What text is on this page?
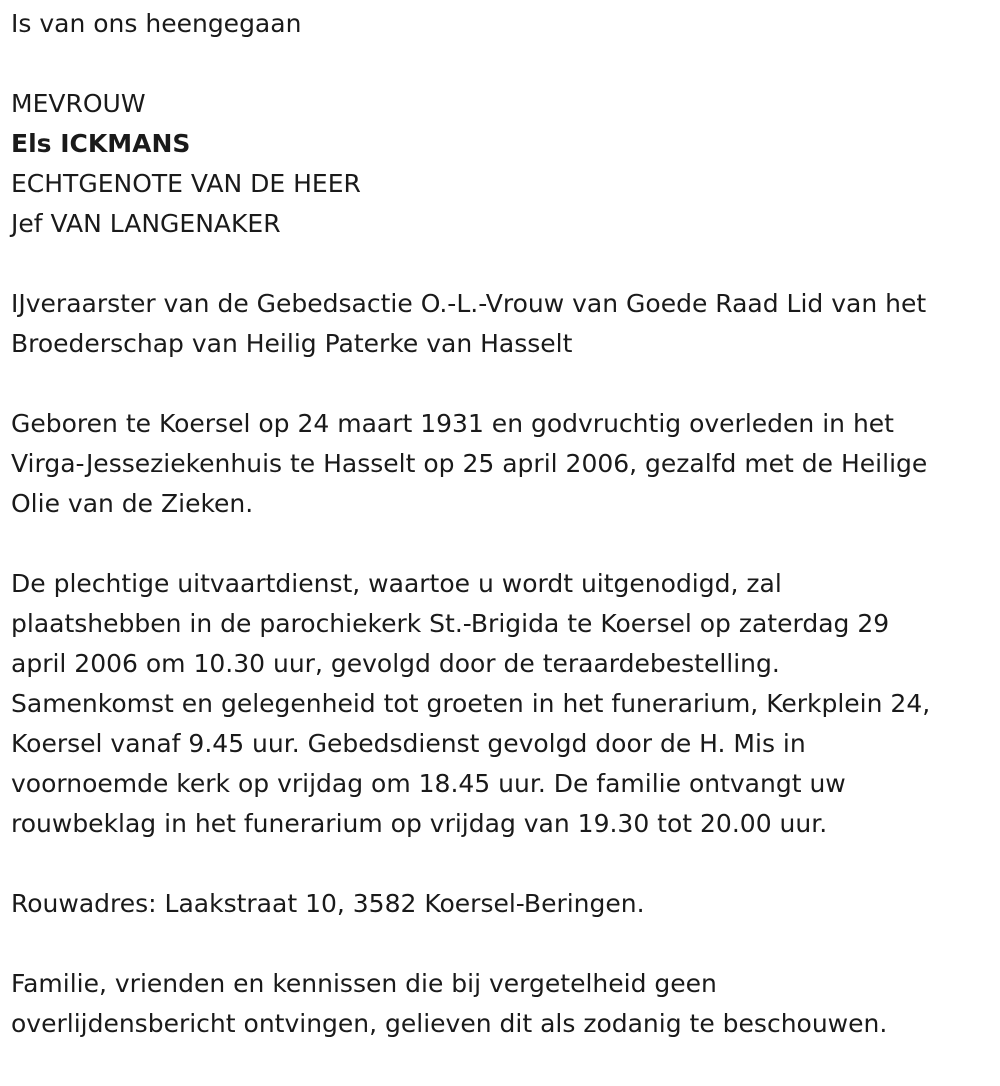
Is van ons heengegaan
MEVROUW
Els ICKMANS
ECHTGENOTE VAN DE HEER
Jef VAN LANGENAKER
IJveraarster van de Gebedsactie O.-L.-Vrouw van Goede Raad Lid van het
Broederschap van Heilig Paterke van Hasselt
Geboren te Koersel op 24 maart 1931 en godvruchtig overleden in het
Virga-Jesseziekenhuis te Hasselt op 25 april 2006, gezalfd met de Heilige
Olie van de Zieken.
De plechtige uitvaartdienst, waartoe u wordt uitgenodigd, zal
plaatshebben in de parochiekerk St.-Brigida te Koersel op zaterdag 29
april 2006 om 10.30 uur, gevolgd door de teraardebestelling.
Samenkomst en gelegenheid tot groeten in het funerarium, Kerkplein 24,
Koersel vanaf 9.45 uur. Gebedsdienst gevolgd door de H. Mis in
voornoemde kerk op vrijdag om 18.45 uur. De familie ontvangt uw
rouwbeklag in het funerarium op vrijdag van 19.30 tot 20.00 uur.
Rouwadres: Laakstraat 10, 3582 Koersel-Beringen.
Familie, vrienden en kennissen die bij vergetelheid geen
overlijdensbericht ontvingen, gelieven dit als zodanig te beschouwen.
